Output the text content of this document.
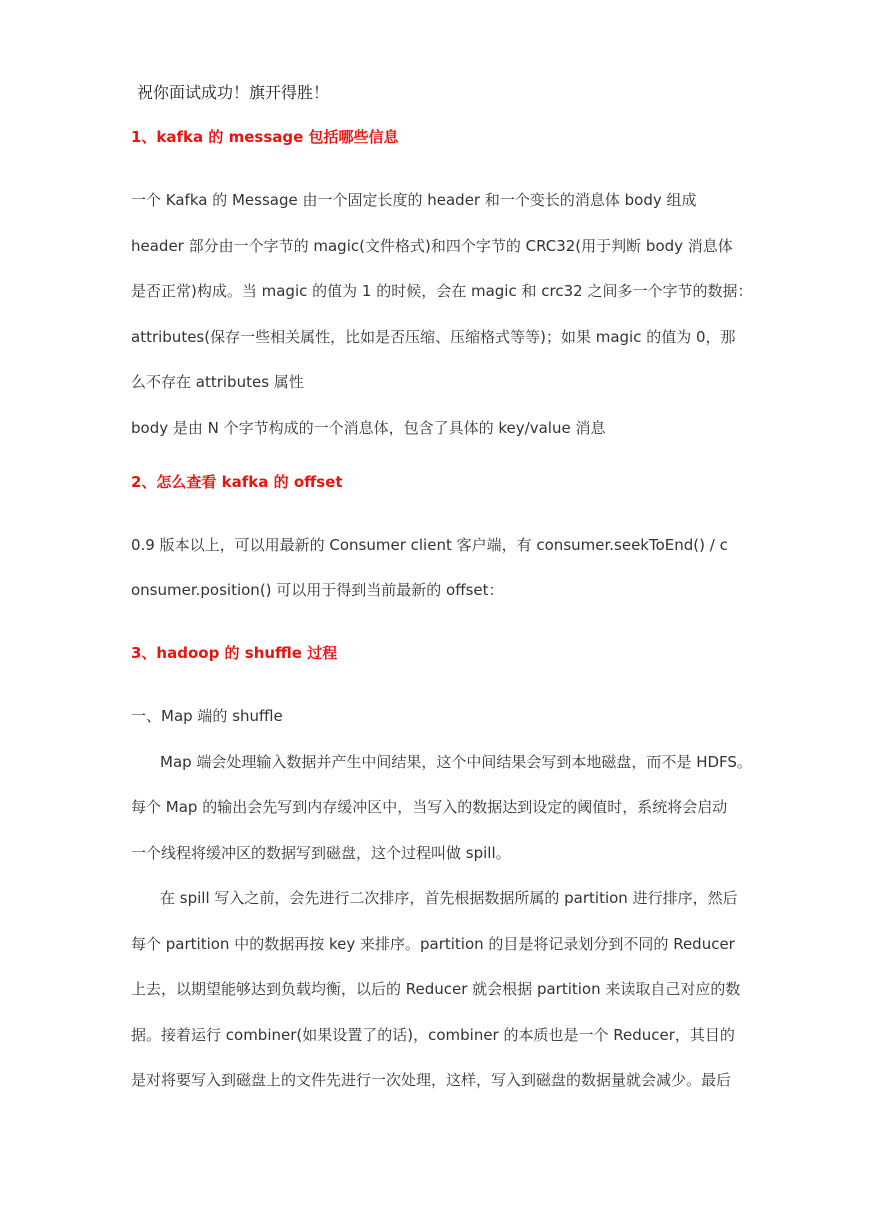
祝你面试成功！旗开得胜！
1、kafka 的 message 包括哪些信息
一个 Kafka 的 Message 由一个固定长度的 header 和一个变长的消息体 body 组成
header 部分由一个字节的 magic(文件格式)和四个字节的 CRC32(用于判断 body 消息体
是否正常)构成。当 magic 的值为 1 的时候，会在 magic 和 crc32 之间多一个字节的数据：
attributes(保存一些相关属性，比如是否压缩、压缩格式等等)；如果 magic 的值为 0，那
么不存在 attributes 属性
body 是由 N 个字节构成的一个消息体，包含了具体的 key/value 消息
2、怎么查看 kafka 的 offset
0.9 版本以上，可以用最新的 Consumer client 客户端，有 consumer.seekToEnd() / c
onsumer.position() 可以用于得到当前最新的 offset：
3、hadoop 的 shuffle 过程
一、Map 端的 shuffle
Map 端会处理输入数据并产生中间结果，这个中间结果会写到本地磁盘，而不是 HDFS。
每个 Map 的输出会先写到内存缓冲区中，当写入的数据达到设定的阈值时，系统将会启动
一个线程将缓冲区的数据写到磁盘，这个过程叫做 spill。
在 spill 写入之前，会先进行二次排序，首先根据数据所属的 partition 进行排序，然后
每个 partition 中的数据再按 key 来排序。partition 的目是将记录划分到不同的 Reducer
上去，以期望能够达到负载均衡，以后的 Reducer 就会根据 partition 来读取自己对应的数
据。接着运行 combiner(如果设置了的话)，combiner 的本质也是一个 Reducer，其目的
是对将要写入到磁盘上的文件先进行一次处理，这样，写入到磁盘的数据量就会减少。最后
